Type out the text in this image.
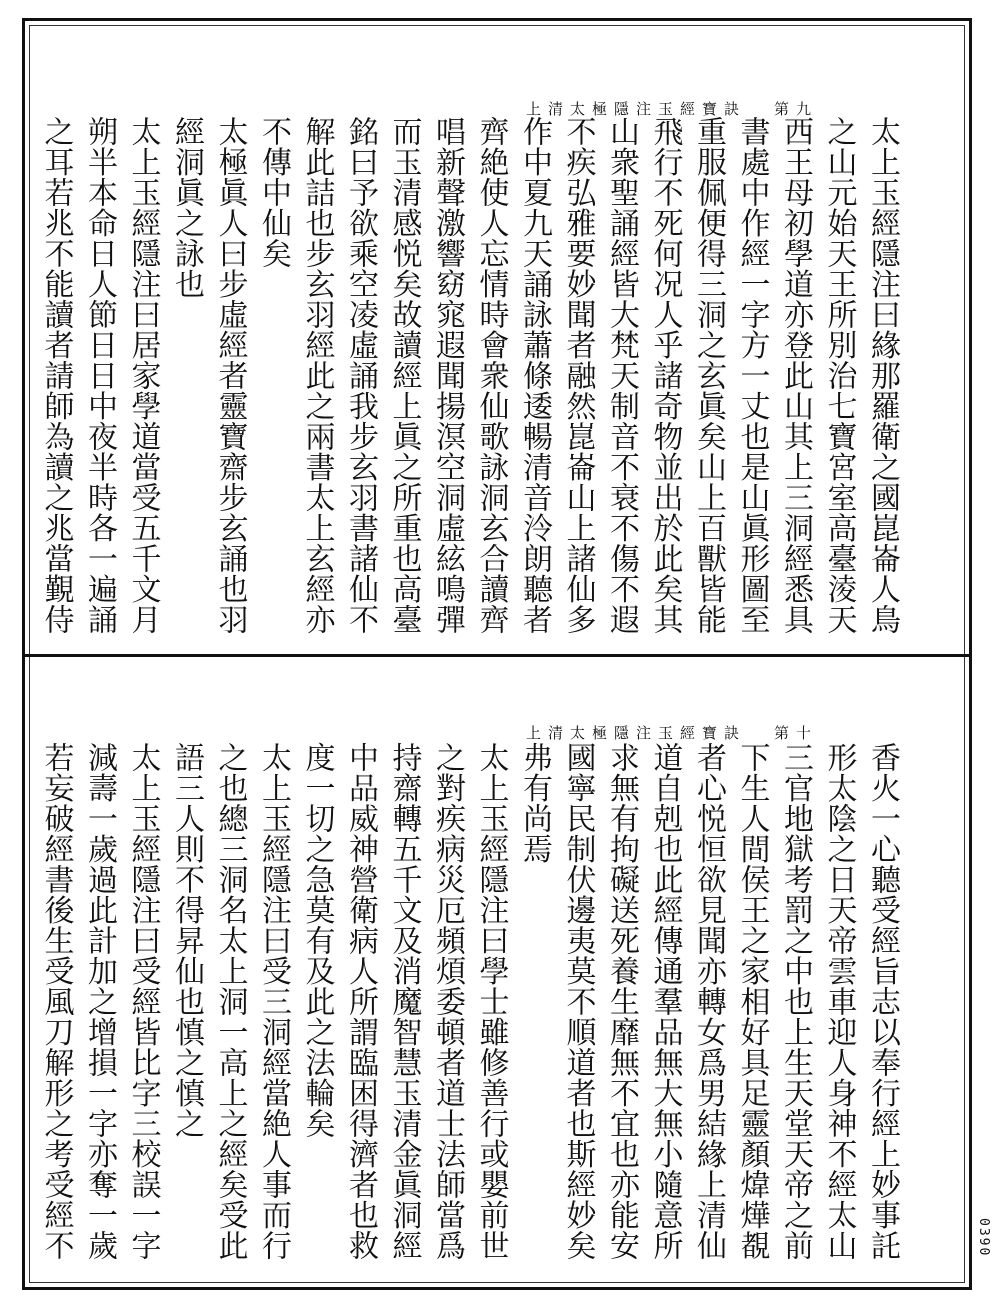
上清太極隱注玉經寶訣 第九
太上玉經隱注曰緣那羅衛之國崑崙人鳥
之山元始天王所別治七寶宮室高臺淩天
西王母初學道亦登此山其上三洞經悉具
書處中作經一字方一丈也是山眞形圖至
重服佩便得三洞之玄眞矣山上百獸皆能
飛行不死何况人乎諸奇物並出於此矣其
山衆聖誦經皆大梵天制音不衰不傷不遐
不疾弘雅要妙聞者融然崑崙山上諸仙多
作中夏九天誦詠蕭條逶暢清音泠朗聽者
齊絶使人忘情時會衆仙歌詠洞玄合讀齊
唱新聲激響窈窕遐聞揚溟空洞虛絃鳴彈
而玉清感悦矣故讀經上眞之所重也高臺
銘曰予欲乘空凌虛誦我步玄羽書諸仙不
解此詰也步玄羽經此之兩書太上玄經亦
不傳中仙矣
太極眞人曰步虛經者靈寶齋步玄誦也羽
經洞眞之詠也
太上玉經隱注曰居家學道當受五千文月
朔半本命日人節日日中夜半時各一遍誦
之耳若兆不能讀者請師為讀之兆當覲侍
上清太極隱注玉經寶訣 第十
香火一心聽受經旨志以奉行經上妙事託
形太陰之日天帝雲車迎人身神不經太山
三官地獄考罰之中也上生天堂天帝之前
下生人間侯王之家相好具足靈顏煒燁覩
者心悦恒欲見聞亦轉女爲男結緣上清仙
道自剋也此經傳通羣品無大無小隨意所
求無有拘礙送死養生靡無不宜也亦能安
國寧民制伏邊夷莫不順道者也斯經妙矣
弗有尚焉
太上玉經隱注曰學士雖修善行或嬰前世
之對疾病災厄頻煩委頓者道士法師當爲
持齋轉五千文及消魔智慧玉清金眞洞經
中品威神營衛病人所謂臨困得濟者也救
度一切之急莫有及此之法輪矣
太上玉經隱注曰受三洞經當絶人事而行
之也總三洞名太上洞一高上之經矣受此
語三人則不得昇仙也慎之慎之
太上玉經隱注曰受經皆比字三校誤一字
減壽一歲過此計加之增損一字亦奪一歲
若妄破經書後生受風刀解形之考受經不	0390
